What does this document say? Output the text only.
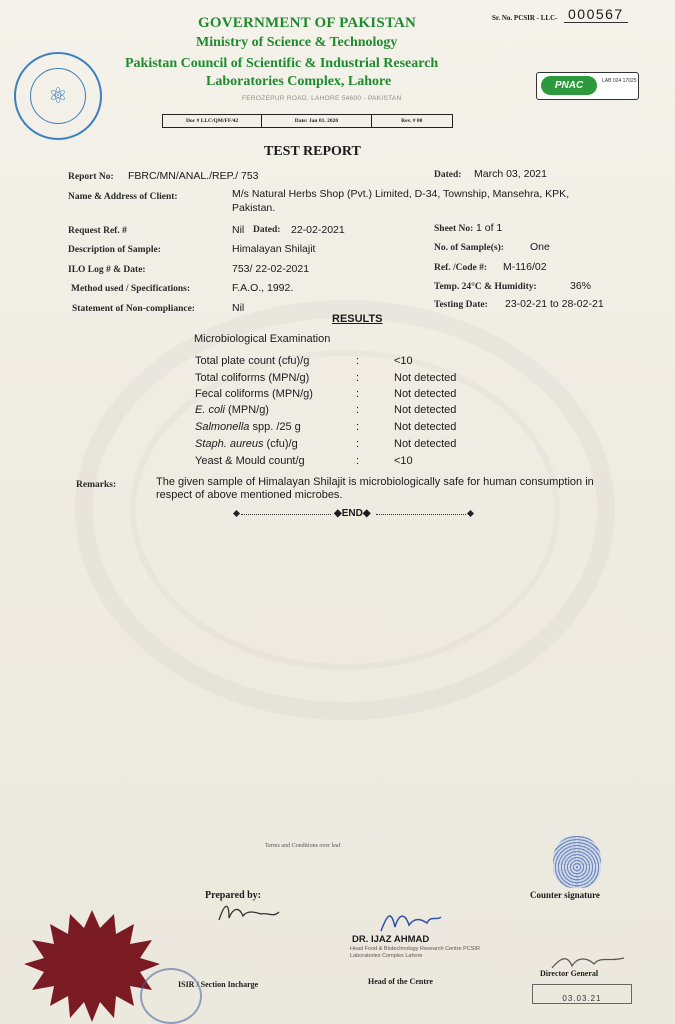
⚛
GOVERNMENT OF PAKISTAN
Ministry of Science & Technology
Pakistan Council of Scientific & Industrial Research
Laboratories Complex, Lahore
FEROZEPUR ROAD, LAHORE 54600 - PAKISTAN
Sr. No. PCSIR - LLC- 000567
PNAC	LAB 024 17025
Doc # LLC/QM/FF/42	Date: Jan 01. 2020	Rev. # 00
TEST REPORT
Report No: FBRC/MN/ANAL./REP./ 753	Dated: March 03, 2021
Name & Address of Client:	M/s Natural Herbs Shop (Pvt.) Limited, D-34, Township, Mansehra, KPK,
Pakistan.
Request Ref. #	Nil Dated: 22-02-2021	Sheet No: 1 of 1
Description of Sample:	Himalayan Shilajit	No. of Sample(s): One
ILO Log # & Date:	753/ 22-02-2021	Ref. /Code #: M-116/02
Method used / Specifications:	F.A.O., 1992.	Temp. 24°C & Humidity:	36%
Statement of Non-compliance:	Nil	Testing Date: 23-02-21 to 28-02-21
RESULTS
Microbiological Examination
Total plate count (cfu)/g	:	<10
Total coliforms (MPN/g)	:	Not detected
Fecal coliforms (MPN/g)	:	Not detected
E. coli (MPN/g)	:	Not detected
Salmonella spp. /25 g	:	Not detected
Staph. aureus (cfu)/g	:	Not detected
Yeast & Mould count/g	:	<10
Remarks:	The given sample of Himalayan Shilajit is microbiologically safe for human consumption in respect of above mentioned microbes.
◆END◆
Terms and Conditions over leaf
Prepared by:	Counter signature
DR. IJAZ AHMAD
Head Food & Biotechnology Research Centre PCSIR Laboratories Complex Lahore
Head of the Centre
ISIR / Section Incharge
Director General
03.03.21
